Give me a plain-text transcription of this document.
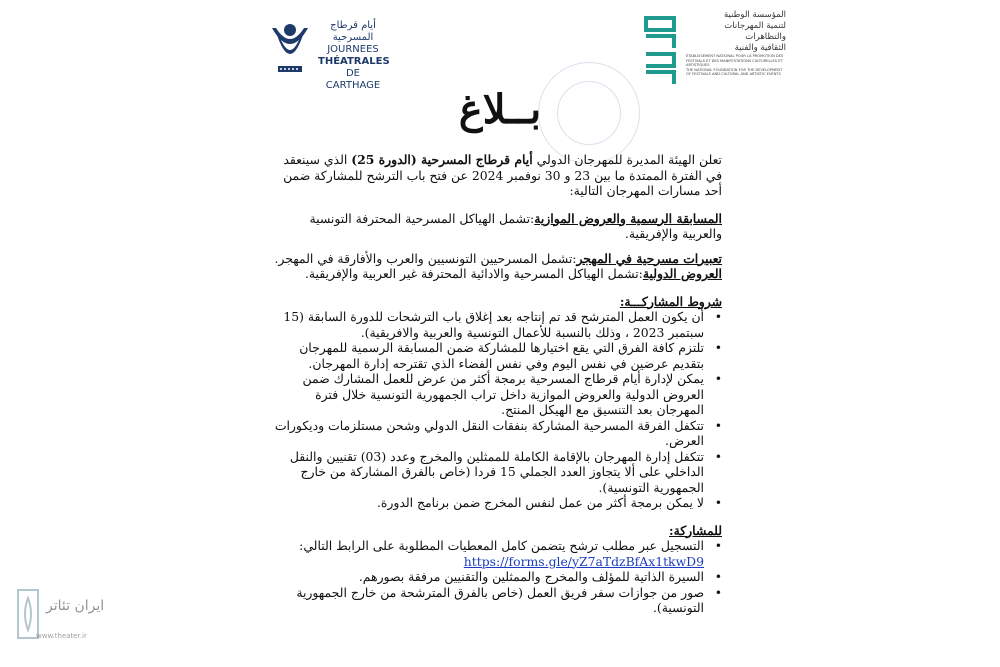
أيام قرطاج المسرحية
JOURNEES
THÉATRALES
DE CARTHAGE
المؤسسة الوطنية
لتنمية المهرجانات
والتظاهرات
الثقافية والفنية
ÉTABLISSEMENT NATIONAL POUR LA PROMOTION DES FESTIVALS ET DES MANIFESTATIONS CULTURELLES ET ARTISTIQUES
THE NATIONAL FOUNDATION FOR THE DEVELOPMENT OF FESTIVALS AND CULTURAL AND ARTISTIC EVENTS
بــلاغ

تعلن الهيئة المديرة للمهرجان الدولي أيام قرطاج المسرحية (الدورة 25) الذي سينعقد في الفترة الممتدة ما بين 23 و 30 نوفمبر 2024 عن فتح باب الترشح للمشاركة ضمن أحد مسارات المهرجان التالية:

المسابقة الرسمية والعروض الموازية:تشمل الهياكل المسرحية المحترفة التونسية والعربية والإفريقية.

تعبيرات مسرحية في المهجر:تشمل المسرحيين التونسيين والعرب والأفارقة في المهجر.

العروض الدولية:تشمل الهياكل المسرحية والادائية المحترفة غير العربية والإفريقية.

شروط المشاركـــة:

• أن يكون العمل المترشح قد تم إنتاجه بعد إغلاق باب الترشحات للدورة السابقة (15 سبتمبر 2023 ، وذلك بالنسبة للأعمال التونسية والعربية والافريقية).
• تلتزم كافة الفرق التي يقع اختيارها للمشاركة ضمن المسابقة الرسمية للمهرجان بتقديم عرضين في نفس اليوم وفي نفس الفضاء الذي تقترحه إدارة المهرجان.
• يمكن لإدارة أيام قرطاج المسرحية برمجة أكثر من عرض للعمل المشارك ضمن العروض الدولية والعروض الموازية داخل تراب الجمهورية التونسية خلال فترة المهرجان بعد التنسيق مع الهيكل المنتج.
• تتكفل الفرقة المسرحية المشاركة بنفقات النقل الدولي وشحن مستلزمات وديكورات العرض.
• تتكفل إدارة المهرجان بالإقامة الكاملة للممثلين والمخرج وعدد (03) تقنيين والنقل الداخلي على ألا يتجاوز العدد الجملي 15 فردا (خاص بالفرق المشاركة من خارج الجمهورية التونسية).
• لا يمكن برمجة أكثر من عمل لنفس المخرج ضمن برنامج الدورة.

للمشاركة:

• التسجيل عبر مطلب ترشح يتضمن كامل المعطيات المطلوبة على الرابط التالي:
https://forms.gle/yZ7aTdzBfAx1tkwD9
• السيرة الذاتية للمؤلف والمخرج والممثلين والتقنيين مرفقة بصورهم.
• صور من جوازات سفر فريق العمل (خاص بالفرق المترشحة من خارج الجمهورية التونسية).
ایران تئاتر
www.theater.ir
